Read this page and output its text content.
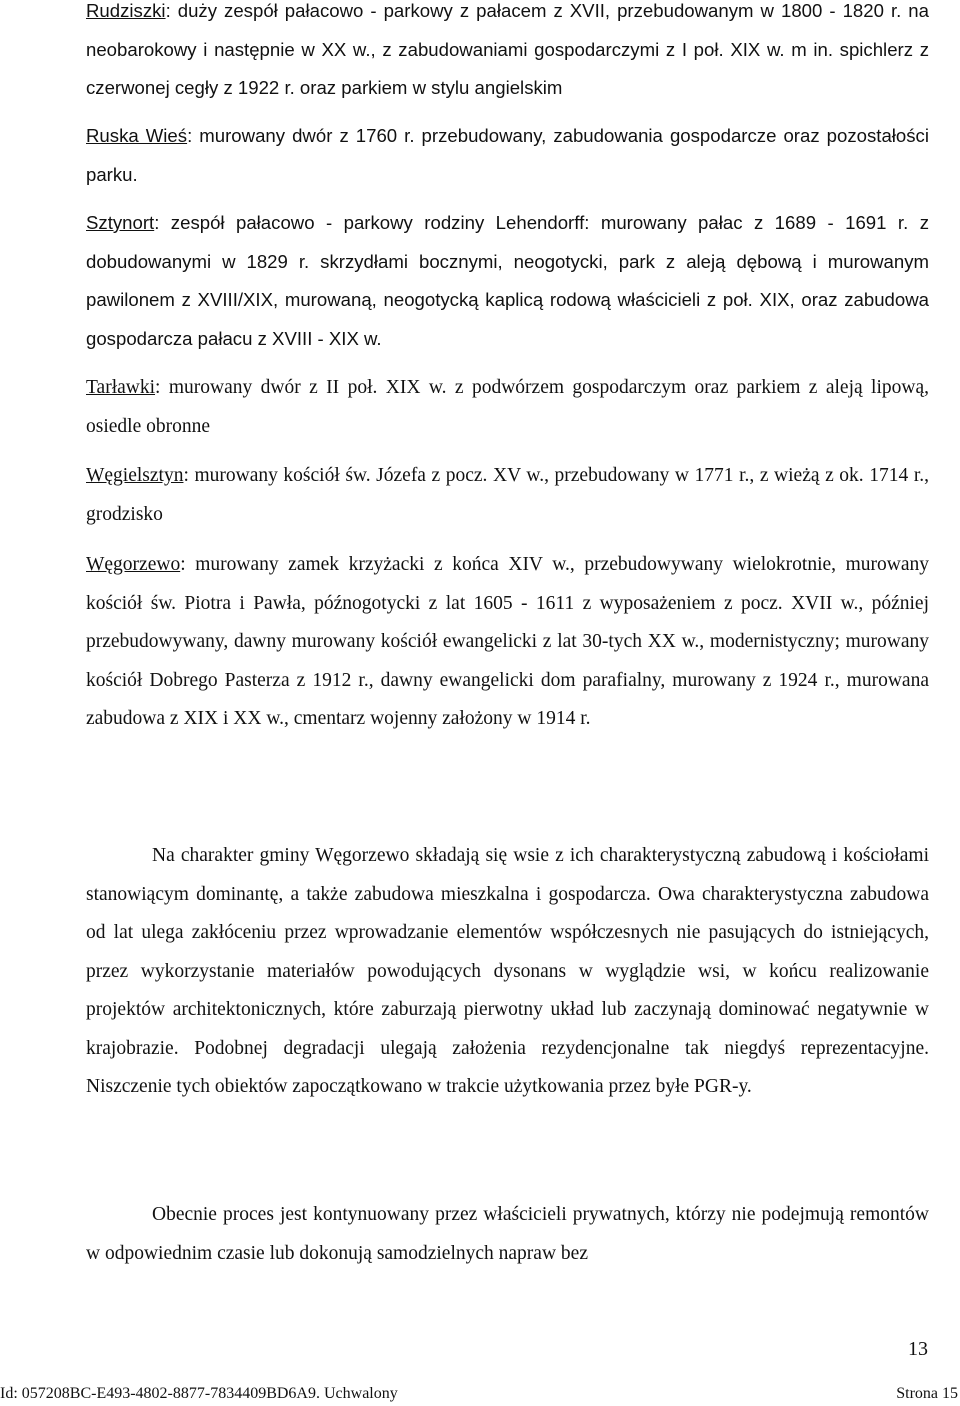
Rudziszki: duży zespół pałacowo - parkowy z pałacem z XVII, przebudowanym w 1800 - 1820 r. na neobarokowy i następnie w XX w., z zabudowaniami gospodarczymi z I poł. XIX w. m in. spichlerz z czerwonej cegły z 1922 r. oraz parkiem w stylu angielskim

Ruska Wieś: murowany dwór z 1760 r. przebudowany, zabudowania gospodarcze oraz pozostałości parku.

Sztynort: zespół pałacowo - parkowy rodziny Lehendorff: murowany pałac z 1689 - 1691 r. z dobudowanymi w 1829 r. skrzydłami bocznymi, neogotycki, park z aleją dębową i murowanym pawilonem z XVIII/XIX, murowaną, neogotycką kaplicą rodową właścicieli z poł. XIX, oraz zabudowa gospodarcza pałacu z XVIII - XIX w.

Tarławki: murowany dwór z II poł. XIX w. z podwórzem gospodarczym oraz parkiem z aleją lipową, osiedle obronne

Węgielsztyn: murowany kościół św. Józefa z pocz. XV w., przebudowany w 1771 r., z wieżą z ok. 1714 r., grodzisko

Węgorzewo: murowany zamek krzyżacki z końca XIV w., przebudowywany wielokrotnie, murowany kościół św. Piotra i Pawła, późnogotycki z lat 1605 - 1611 z wyposażeniem z pocz. XVII w., później przebudowywany, dawny murowany kościół ewangelicki z lat 30-tych XX w., modernistyczny; murowany kościół Dobrego Pasterza z 1912 r., dawny ewangelicki dom parafialny, murowany z 1924 r., murowana zabudowa z XIX i XX w., cmentarz wojenny założony w 1914 r.

Na charakter gminy Węgorzewo składają się wsie z ich charakterystyczną zabudową i kościołami stanowiącym dominantę, a także zabudowa mieszkalna i gospodarcza. Owa charakterystyczna zabudowa od lat ulega zakłóceniu przez wprowadzanie elementów współczesnych nie pasujących do istniejących, przez wykorzystanie materiałów powodujących dysonans w wyglądzie wsi, w końcu realizowanie projektów architektonicznych, które zaburzają pierwotny układ lub zaczynają dominować negatywnie w krajobrazie. Podobnej degradacji ulegają założenia rezydencjonalne tak niegdyś reprezentacyjne. Niszczenie tych obiektów zapoczątkowano w trakcie użytkowania przez byłe PGR-y.

Obecnie proces jest kontynuowany przez właścicieli prywatnych, którzy nie podejmują remontów w odpowiednim czasie lub dokonują samodzielnych napraw bez

13
Id: 057208BC-E493-4802-8877-7834409BD6A9. Uchwalony	Strona 15
